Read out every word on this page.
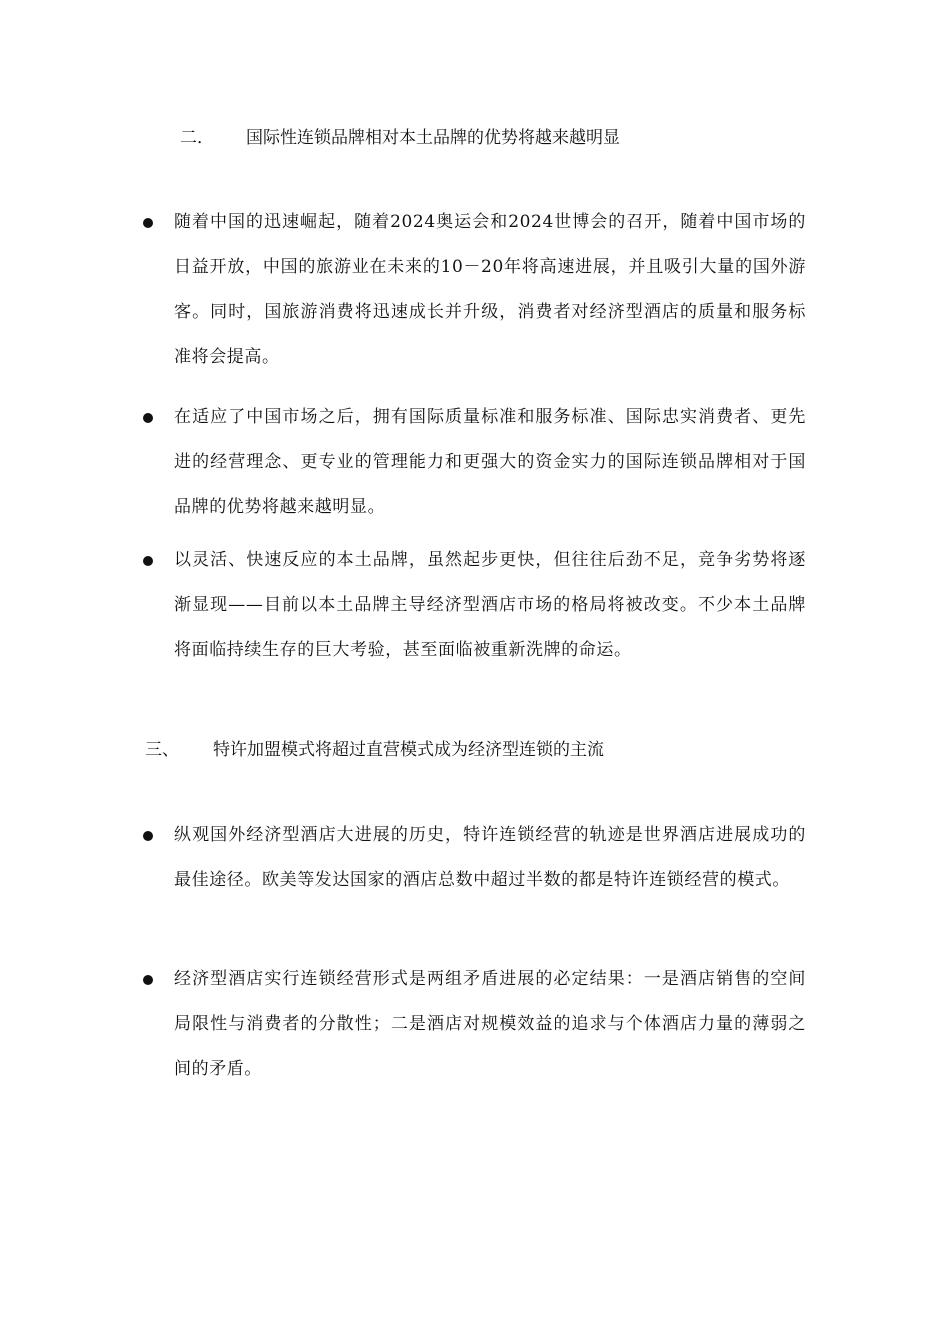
二． 国际性连锁品牌相对本土品牌的优势将越来越明显

随着中国的迅速崛起，随着2024奥运会和2024世博会的召开，随着中国市场的日益开放，中国的旅游业在未来的10－20年将高速进展，并且吸引大量的国外游客。同时，国旅游消费将迅速成长并升级，消费者对经济型酒店的质量和服务标准将会提高。

在适应了中国市场之后，拥有国际质量标准和服务标准、国际忠实消费者、更先进的经营理念、更专业的管理能力和更强大的资金实力的国际连锁品牌相对于国品牌的优势将越来越明显。

以灵活、快速反应的本土品牌，虽然起步更快，但往往后劲不足，竞争劣势将逐渐显现——目前以本土品牌主导经济型酒店市场的格局将被改变。不少本土品牌将面临持续生存的巨大考验，甚至面临被重新洗牌的命运。

三、 特许加盟模式将超过直营模式成为经济型连锁的主流

纵观国外经济型酒店大进展的历史，特许连锁经营的轨迹是世界酒店进展成功的最佳途径。欧美等发达国家的酒店总数中超过半数的都是特许连锁经营的模式。

经济型酒店实行连锁经营形式是两组矛盾进展的必定结果：一是酒店销售的空间局限性与消费者的分散性；二是酒店对规模效益的追求与个体酒店力量的薄弱之间的矛盾。
